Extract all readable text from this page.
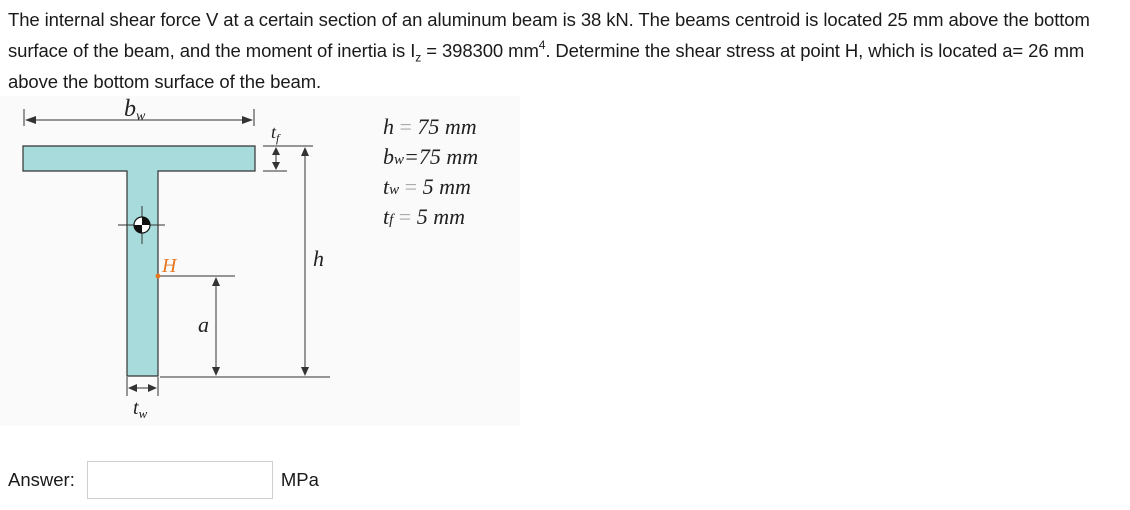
The internal shear force V at a certain section of an aluminum beam is 38 kN. The beams centroid is located 25 mm above the bottom surface of the beam, and the moment of inertia is $I_z = 398300$ $mm^4$. Determine the shear stress at point H, which is located a= 26 mm above the bottom surface of the beam.
bw
$t_f$
h
a
H
$t_w$
h = 75 mm
bw=75 mm
tw = 5 mm
tf = 5 mm
Answer:	MPa
